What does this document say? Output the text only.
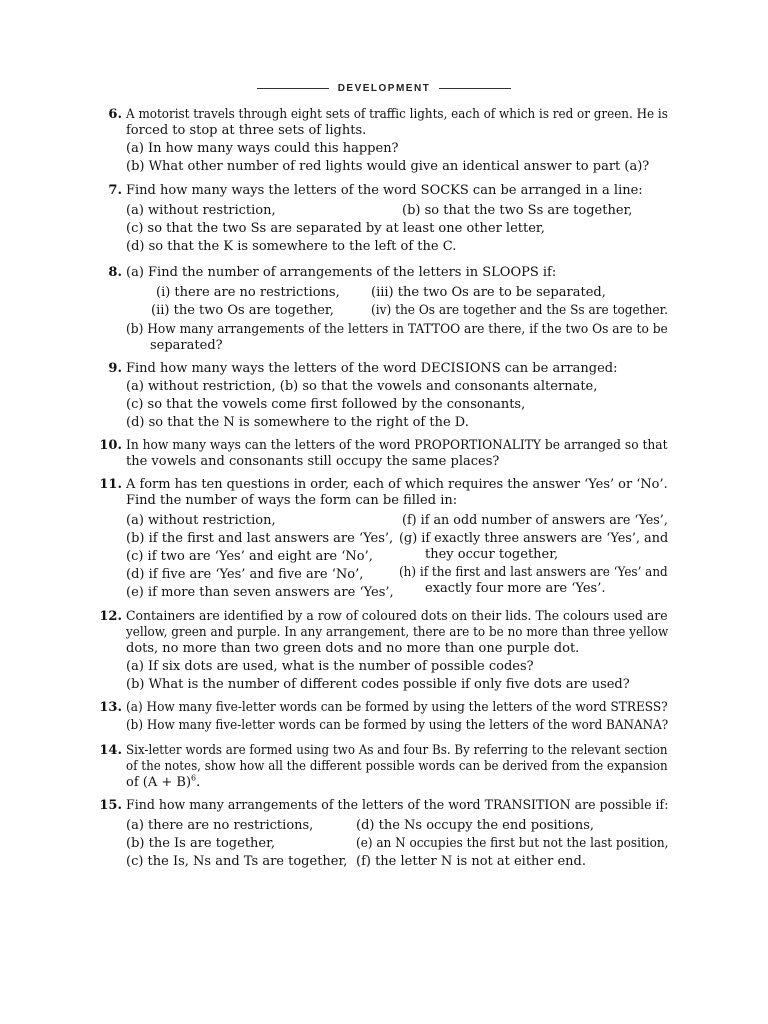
DEVELOPMENT
6. A motorist travels through eight sets of traffic lights, each of which is red or green. He is
forced to stop at three sets of lights.
(a) In how many ways could this happen?
(b) What other number of red lights would give an identical answer to part (a)?
7. Find how many ways the letters of the word SOCKS can be arranged in a line:
(a) without restriction,	(b) so that the two Ss are together,
(c) so that the two Ss are separated by at least one other letter,
(d) so that the K is somewhere to the left of the C.
8. (a) Find the number of arrangements of the letters in SLOOPS if:
(i) there are no restrictions, (iii) the two Os are to be separated,
(ii) the two Os are together,	(iv) the Os are together and the Ss are together.
(b) How many arrangements of the letters in TATTOO are there, if the two Os are to be
separated?
9. Find how many ways the letters of the word DECISIONS can be arranged:
(a) without restriction, (b) so that the vowels and consonants alternate,
(c) so that the vowels come first followed by the consonants,
(d) so that the N is somewhere to the right of the D.
10. In how many ways can the letters of the word PROPORTIONALITY be arranged so that
the vowels and consonants still occupy the same places?
11. A form has ten questions in order, each of which requires the answer ‘Yes’ or ‘No’.
Find the number of ways the form can be filled in:
(a) without restriction,
(b) if the first and last answers are ‘Yes’,
(c) if two are ‘Yes’ and eight are ‘No’,
(d) if five are ‘Yes’ and five are ‘No’,
(e) if more than seven answers are ‘Yes’,
(f) if an odd number of answers are ‘Yes’,
(g) if exactly three answers are ‘Yes’, and
they occur together,
(h) if the first and last answers are ‘Yes’ and
exactly four more are ‘Yes’.
12. Containers are identified by a row of coloured dots on their lids. The colours used are
yellow, green and purple. In any arrangement, there are to be no more than three yellow
dots, no more than two green dots and no more than one purple dot.
(a) If six dots are used, what is the number of possible codes?
(b) What is the number of different codes possible if only five dots are used?
13. (a) How many five-letter words can be formed by using the letters of the word STRESS?
(b) How many five-letter words can be formed by using the letters of the word BANANA?
14. Six-letter words are formed using two As and four Bs. By referring to the relevant section
of the notes, show how all the different possible words can be derived from the expansion
of $(A + B)^6$.
15. Find how many arrangements of the letters of the word TRANSITION are possible if:
(a) there are no restrictions,
(b) the Is are together,
(c) the Is, Ns and Ts are together,
(d) the Ns occupy the end positions,
(e) an N occupies the first but not the last position,
(f) the letter N is not at either end.
